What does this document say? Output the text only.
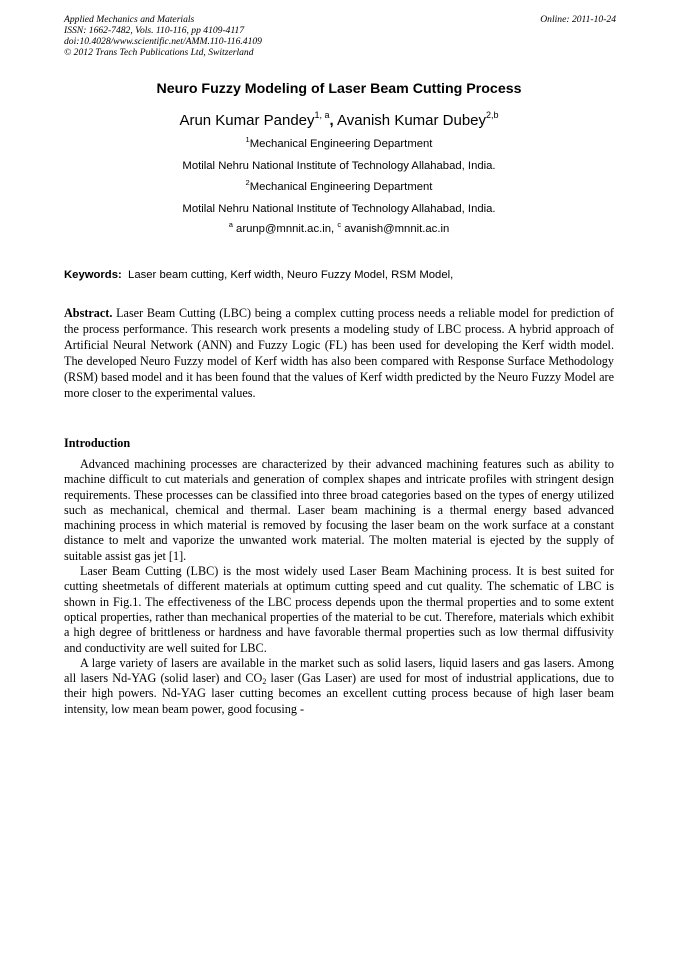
Applied Mechanics and Materials
ISSN: 1662-7482, Vols. 110-116, pp 4109-4117
doi:10.4028/www.scientific.net/AMM.110-116.4109
© 2012 Trans Tech Publications Ltd, Switzerland
Online: 2011-10-24
Neuro Fuzzy Modeling of Laser Beam Cutting Process
Arun Kumar Pandey$^{1, a}$, Avanish Kumar Dubey$^{2,b}$
$^1$Mechanical Engineering Department
Motilal Nehru National Institute of Technology Allahabad, India.
$^2$Mechanical Engineering Department
Motilal Nehru National Institute of Technology Allahabad, India.
$^a$ arunp@mnnit.ac.in, $^c$ avanish@mnnit.ac.in
Keywords:  Laser beam cutting, Kerf width, Neuro Fuzzy Model, RSM Model,
Abstract. Laser Beam Cutting (LBC) being a complex cutting process needs a reliable model for prediction of the process performance. This research work presents a modeling study of LBC process. A hybrid approach of Artificial Neural Network (ANN) and Fuzzy Logic (FL) has been used for developing the Kerf width model. The developed Neuro Fuzzy model of Kerf width has also been compared with Response Surface Methodology (RSM) based model and it has been found that the values of Kerf width predicted by the Neuro Fuzzy Model are more closer to the experimental values.
Introduction

Advanced machining processes are characterized by their advanced machining features such as ability to machine difficult to cut materials and generation of complex shapes and intricate profiles with stringent design requirements. These processes can be classified into three broad categories based on the types of energy utilized such as mechanical, chemical and thermal. Laser beam machining is a thermal energy based advanced machining process in which material is removed by focusing the laser beam on the work surface at a constant distance to melt and vaporize the unwanted work material. The molten material is ejected by the supply of suitable assist gas jet [1].

Laser Beam Cutting (LBC) is the most widely used Laser Beam Machining process. It is best suited for cutting sheetmetals of different materials at optimum cutting speed and cut quality. The schematic of LBC is shown in Fig.1. The effectiveness of the LBC process depends upon the thermal properties and to some extent optical properties, rather than mechanical properties of the material to be cut. Therefore, materials which exhibit a high degree of brittleness or hardness and have favorable thermal properties such as low thermal diffusivity and conductivity are well suited for LBC.

A large variety of lasers are available in the market such as solid lasers, liquid lasers and gas lasers. Among all lasers Nd-YAG (solid laser) and $CO_2$ laser (Gas Laser) are used for most of industrial applications, due to their high powers. Nd-YAG laser cutting becomes an excellent cutting process because of high laser beam intensity, low mean beam power, good focusing -
